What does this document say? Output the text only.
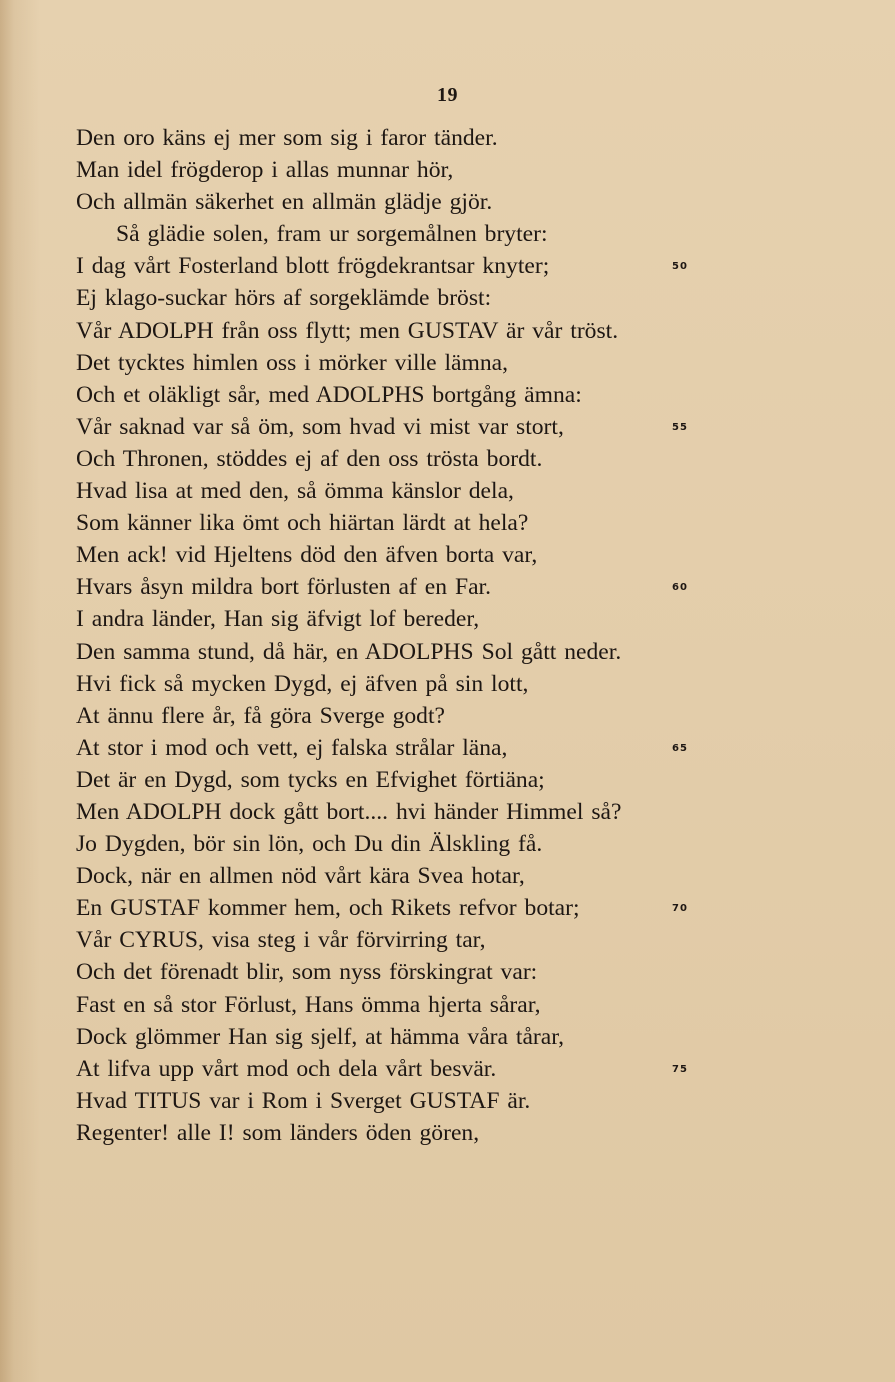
19
Den oro käns ej mer som sig i faror tänder.
Man idel frögderop i allas munnar hör,
Och allmän säkerhet en allmän glädje gjör.
Så glädie solen, fram ur sorgemålnen bryter:
I dag vårt Fosterland blott frögdekrantsar knyter;	50
Ej klago-suckar hörs af sorgeklämde bröst:
Vår ADOLPH från oss flytt; men GUSTAV är vår tröst.
Det tycktes himlen oss i mörker ville lämna,
Och et oläkligt sår, med ADOLPHS bortgång ämna:
Vår saknad var så öm, som hvad vi mist var stort,	55
Och Thronen, stöddes ej af den oss trösta bordt.
Hvad lisa at med den, så ömma känslor dela,
Som känner lika ömt och hiärtan lärdt at hela?
Men ack! vid Hjeltens död den äfven borta var,
Hvars åsyn mildra bort förlusten af en Far.	60
I andra länder, Han sig äfvigt lof bereder,
Den samma stund, då här, en ADOLPHS Sol gått neder.
Hvi fick så mycken Dygd, ej äfven på sin lott,
At ännu flere år, få göra Sverge godt?
At stor i mod och vett, ej falska strålar läna,	65
Det är en Dygd, som tycks en Efvighet förtiäna;
Men ADOLPH dock gått bort.... hvi händer Himmel så?
Jo Dygden, bör sin lön, och Du din Älskling få.
Dock, när en allmen nöd vårt kära Svea hotar,
En GUSTAF kommer hem, och Rikets refvor botar;	70
Vår CYRUS, visa steg i vår förvirring tar,
Och det förenadt blir, som nyss förskingrat var:
Fast en så stor Förlust, Hans ömma hjerta sårar,
Dock glömmer Han sig sjelf, at hämma våra tårar,
At lifva upp vårt mod och dela vårt besvär.	75
Hvad TITUS var i Rom i Sverget GUSTAF är.
Regenter! alle I! som länders öden gören,
